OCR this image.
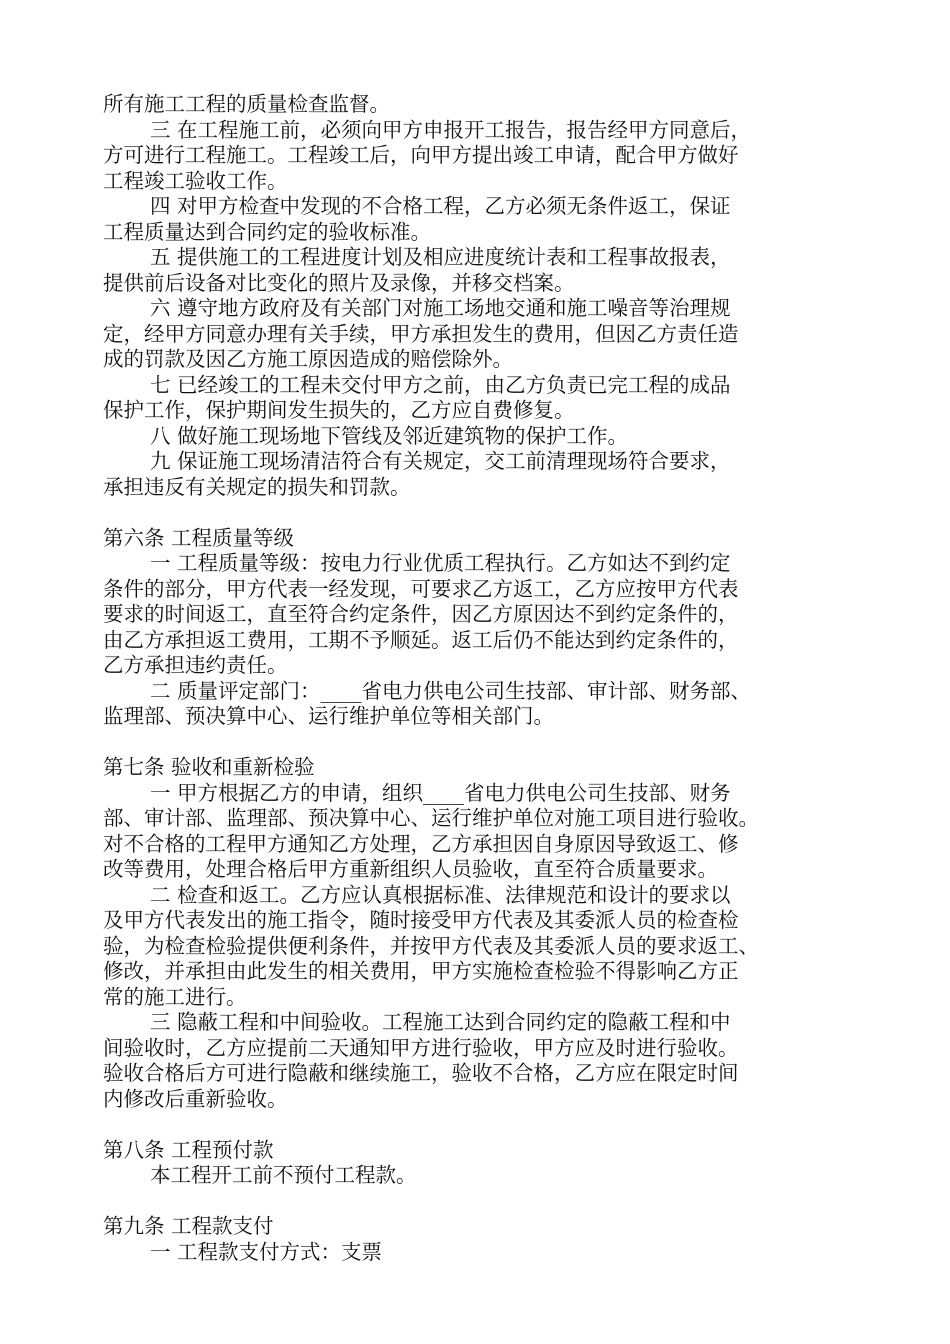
所有施工工程的质量检查监督。
三 在工程施工前，必须向甲方申报开工报告，报告经甲方同意后，
方可进行工程施工。工程竣工后，向甲方提出竣工申请，配合甲方做好
工程竣工验收工作。
四 对甲方检查中发现的不合格工程，乙方必须无条件返工，保证
工程质量达到合同约定的验收标准。
五 提供施工的工程进度计划及相应进度统计表和工程事故报表，
提供前后设备对比变化的照片及录像，并移交档案。
六 遵守地方政府及有关部门对施工场地交通和施工噪音等治理规
定，经甲方同意办理有关手续，甲方承担发生的费用，但因乙方责任造
成的罚款及因乙方施工原因造成的赔偿除外。
七 已经竣工的工程未交付甲方之前，由乙方负责已完工程的成品
保护工作，保护期间发生损失的，乙方应自费修复。
八 做好施工现场地下管线及邻近建筑物的保护工作。
九 保证施工现场清洁符合有关规定，交工前清理现场符合要求，
承担违反有关规定的损失和罚款。
第六条 工程质量等级
一 工程质量等级：按电力行业优质工程执行。乙方如达不到约定
条件的部分，甲方代表一经发现，可要求乙方返工，乙方应按甲方代表
要求的时间返工，直至符合约定条件，因乙方原因达不到约定条件的，
由乙方承担返工费用，工期不予顺延。返工后仍不能达到约定条件的，
乙方承担违约责任。
二 质量评定部门：____省电力供电公司生技部、审计部、财务部、
监理部、预决算中心、运行维护单位等相关部门。
第七条 验收和重新检验
一 甲方根据乙方的申请，组织____省电力供电公司生技部、财务
部、审计部、监理部、预决算中心、运行维护单位对施工项目进行验收。
对不合格的工程甲方通知乙方处理，乙方承担因自身原因导致返工、修
改等费用，处理合格后甲方重新组织人员验收，直至符合质量要求。
二 检查和返工。乙方应认真根据标准、法律规范和设计的要求以
及甲方代表发出的施工指令，随时接受甲方代表及其委派人员的检查检
验，为检查检验提供便利条件，并按甲方代表及其委派人员的要求返工、
修改，并承担由此发生的相关费用，甲方实施检查检验不得影响乙方正
常的施工进行。
三 隐蔽工程和中间验收。工程施工达到合同约定的隐蔽工程和中
间验收时，乙方应提前二天通知甲方进行验收，甲方应及时进行验收。
验收合格后方可进行隐蔽和继续施工，验收不合格，乙方应在限定时间
内修改后重新验收。
第八条 工程预付款
本工程开工前不预付工程款。
第九条 工程款支付
一 工程款支付方式：支票
